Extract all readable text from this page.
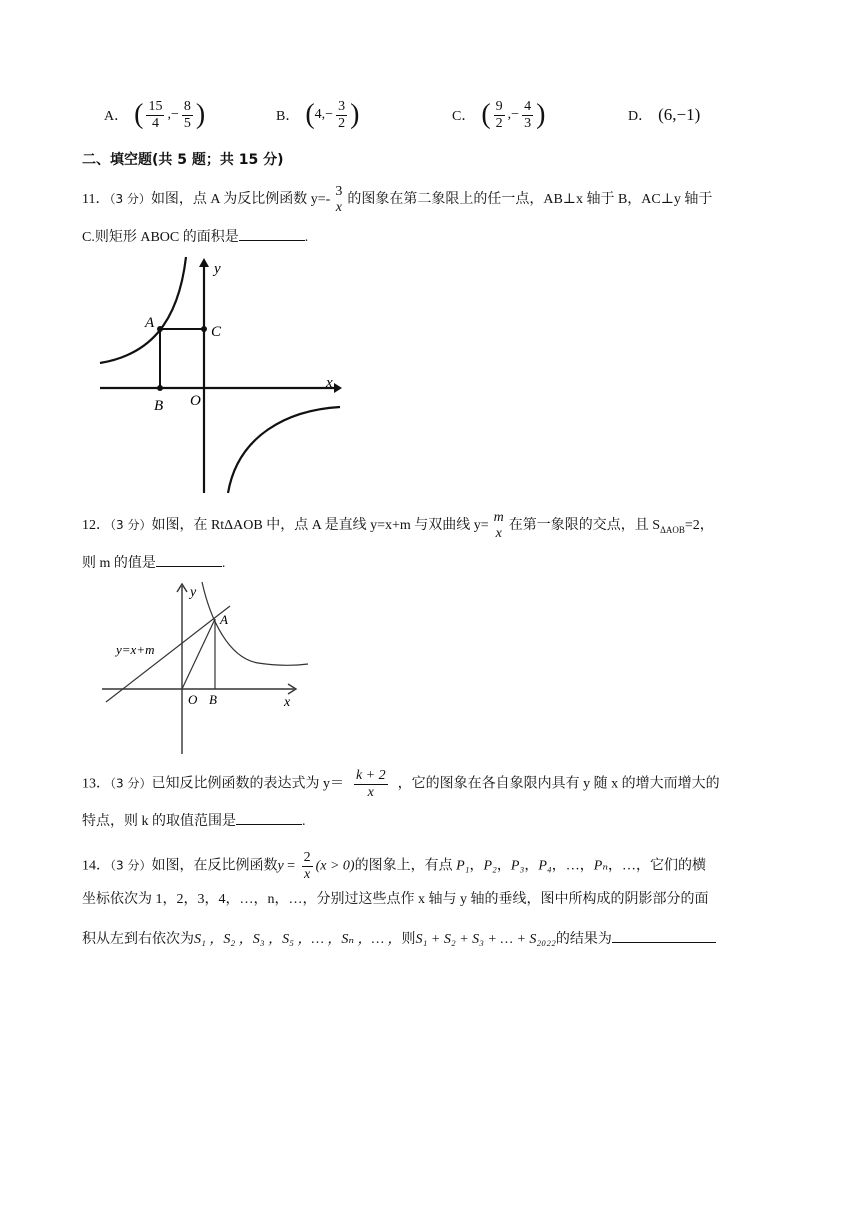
A． ( $\frac{15}{4}$ ,− $\frac{8}{5}$ )	B． ( $4,- \frac{3}{2}$ )	C． ( $\frac{9}{2}$ ,− $\frac{4}{3}$ )	D． (6,−1)
二、填空题(共 5 题；共 15 分)
11．（3 分）如图，点 A 为反比例函数 y=-
3
x
的图象在第二象限上的任一点，AB⊥x 轴于 B，AC⊥y 轴于
C.则矩形 ABOC 的面积是	.
y
x
A
C
B O
12．（3 分）如图，在 RtΔAOB 中，点 A 是直线 y=x+m 与双曲线 y=
m
x
在第一象限的交点，且 $S_{\Delta AOB}=2$，
则 m 的值是	.
y
x
A
O B
y=x+m
13．（3 分）已知反比例函数的表达式为 $y= \frac{k + 2}{x}$ ，它的图象在各自象限内具有 y 随 x 的增大而增大的
特点，则 k 的取值范围是	.
14．（3 分）如图，在反比例函数$y = \frac{2}{x} (x > 0)$的图象上，有点 P₁，P₂，P₃，P₄，…，Pₙ，…，它们的横
坐标依次为 1，2，3，4，…，n，…，分别过这些点作 x 轴与 y 轴的垂线，图中所构成的阴影部分的面
积从左到右依次为S₁ ，S₂ ，S₃ ，S₅ ，… ，Sₙ ，… ，则S₁ + S₂ + S₃ + … + S₂₀₂₂的结果为
